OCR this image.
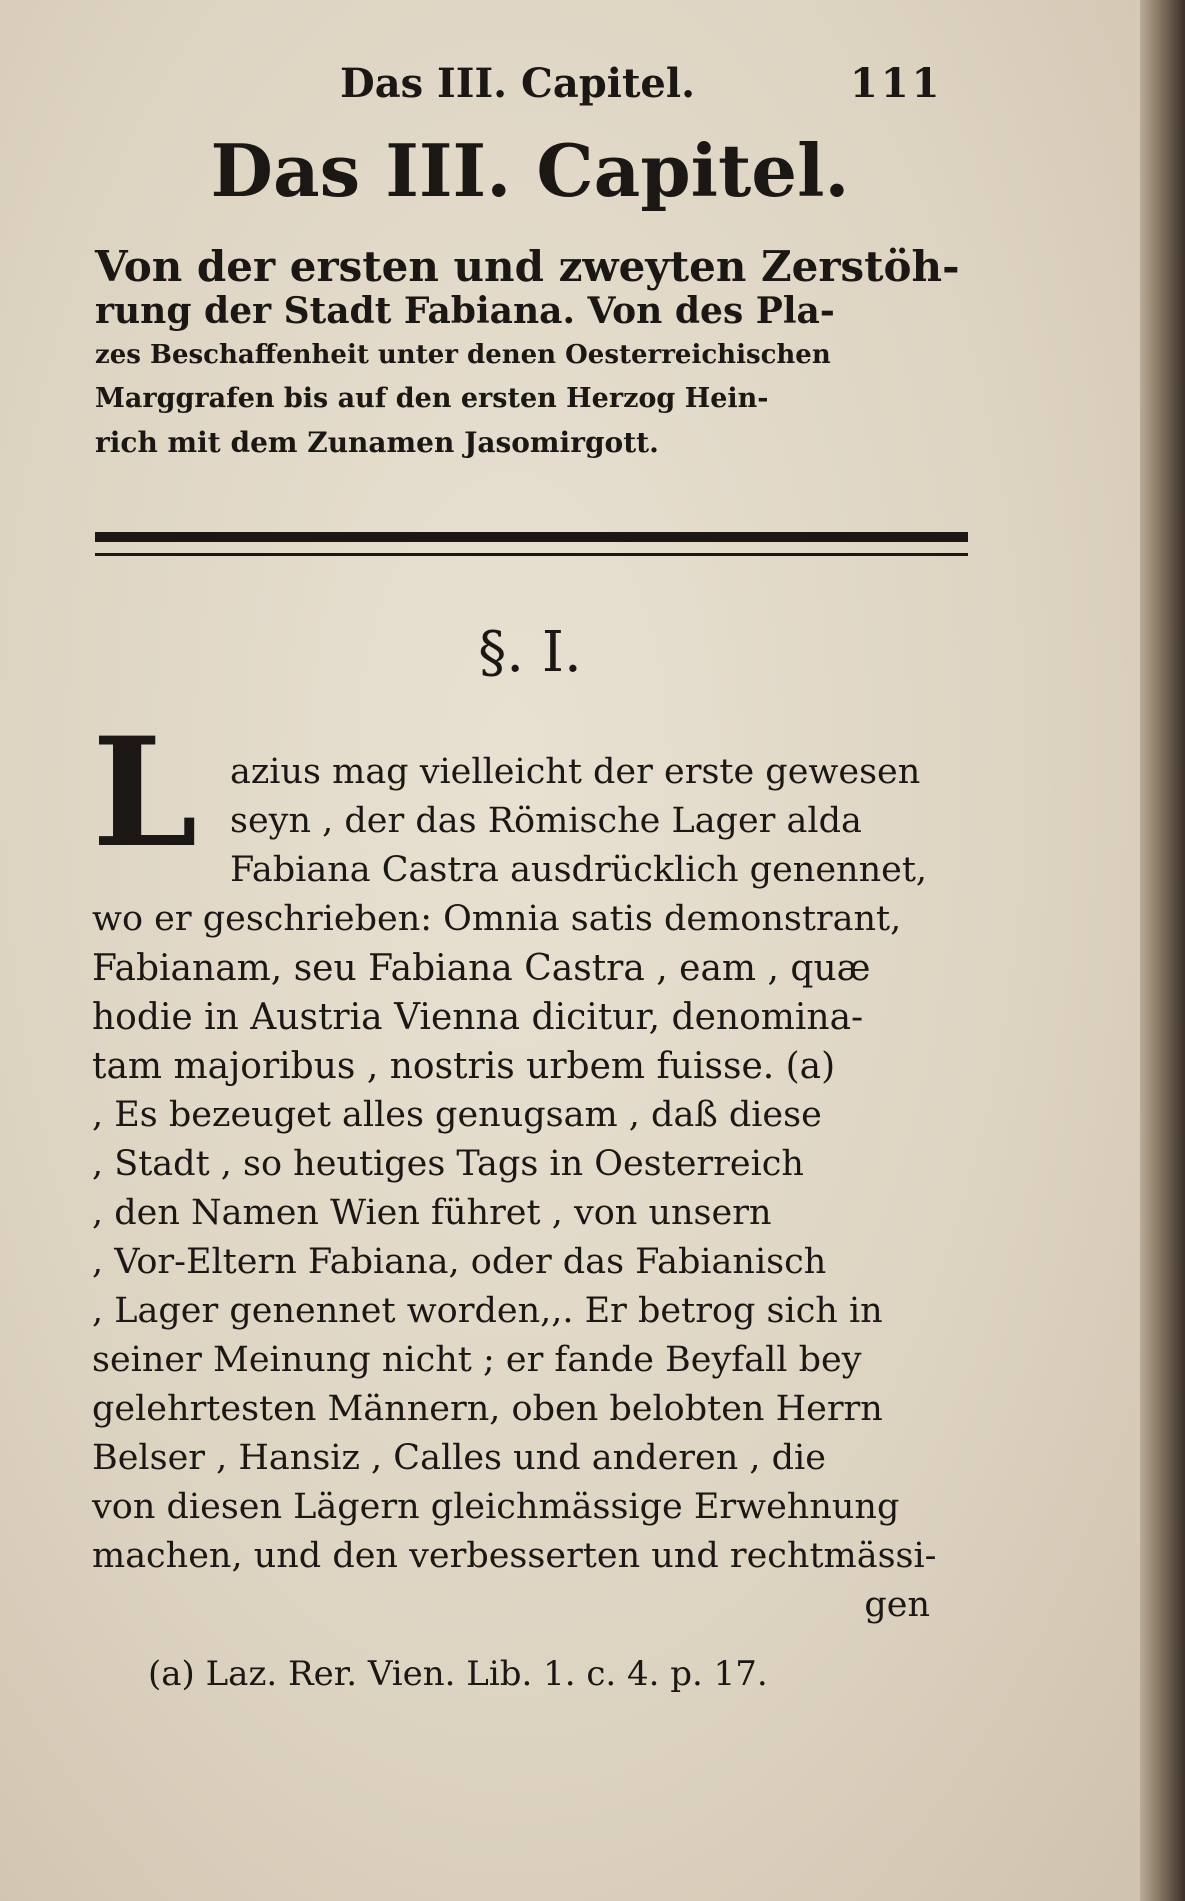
Das III. Capitel.	111
Das III. Capitel.
Von der ersten und zweyten Zerstöh-
rung der Stadt Fabiana. Von des Pla-
zes Beschaffenheit unter denen Oesterreichischen
Marggrafen bis auf den ersten Herzog Hein-
rich mit dem Zunamen Jasomirgott.
§. I.
L azius mag vielleicht der erste gewesen
seyn , der das Römische Lager alda
Fabiana Castra ausdrücklich genennet,
wo er geschrieben: Omnia satis demonstrant,
Fabianam, seu Fabiana Castra , eam , quæ
hodie in Austria Vienna dicitur, denomina-
tam majoribus , nostris urbem fuisse. (a)
, Es bezeuget alles genugsam , daß diese
, Stadt , so heutiges Tags in Oesterreich
, den Namen Wien führet , von unsern
, Vor-Eltern Fabiana, oder das Fabianisch
, Lager genennet worden,,. Er betrog sich in
seiner Meinung nicht ; er fande Beyfall bey
gelehrtesten Männern, oben belobten Herrn
Belser , Hansiz , Calles und anderen , die
von diesen Lägern gleichmässige Erwehnung
machen, und den verbesserten und rechtmässi-
gen
(a) Laz. Rer. Vien. Lib. 1. c. 4. p. 17.
